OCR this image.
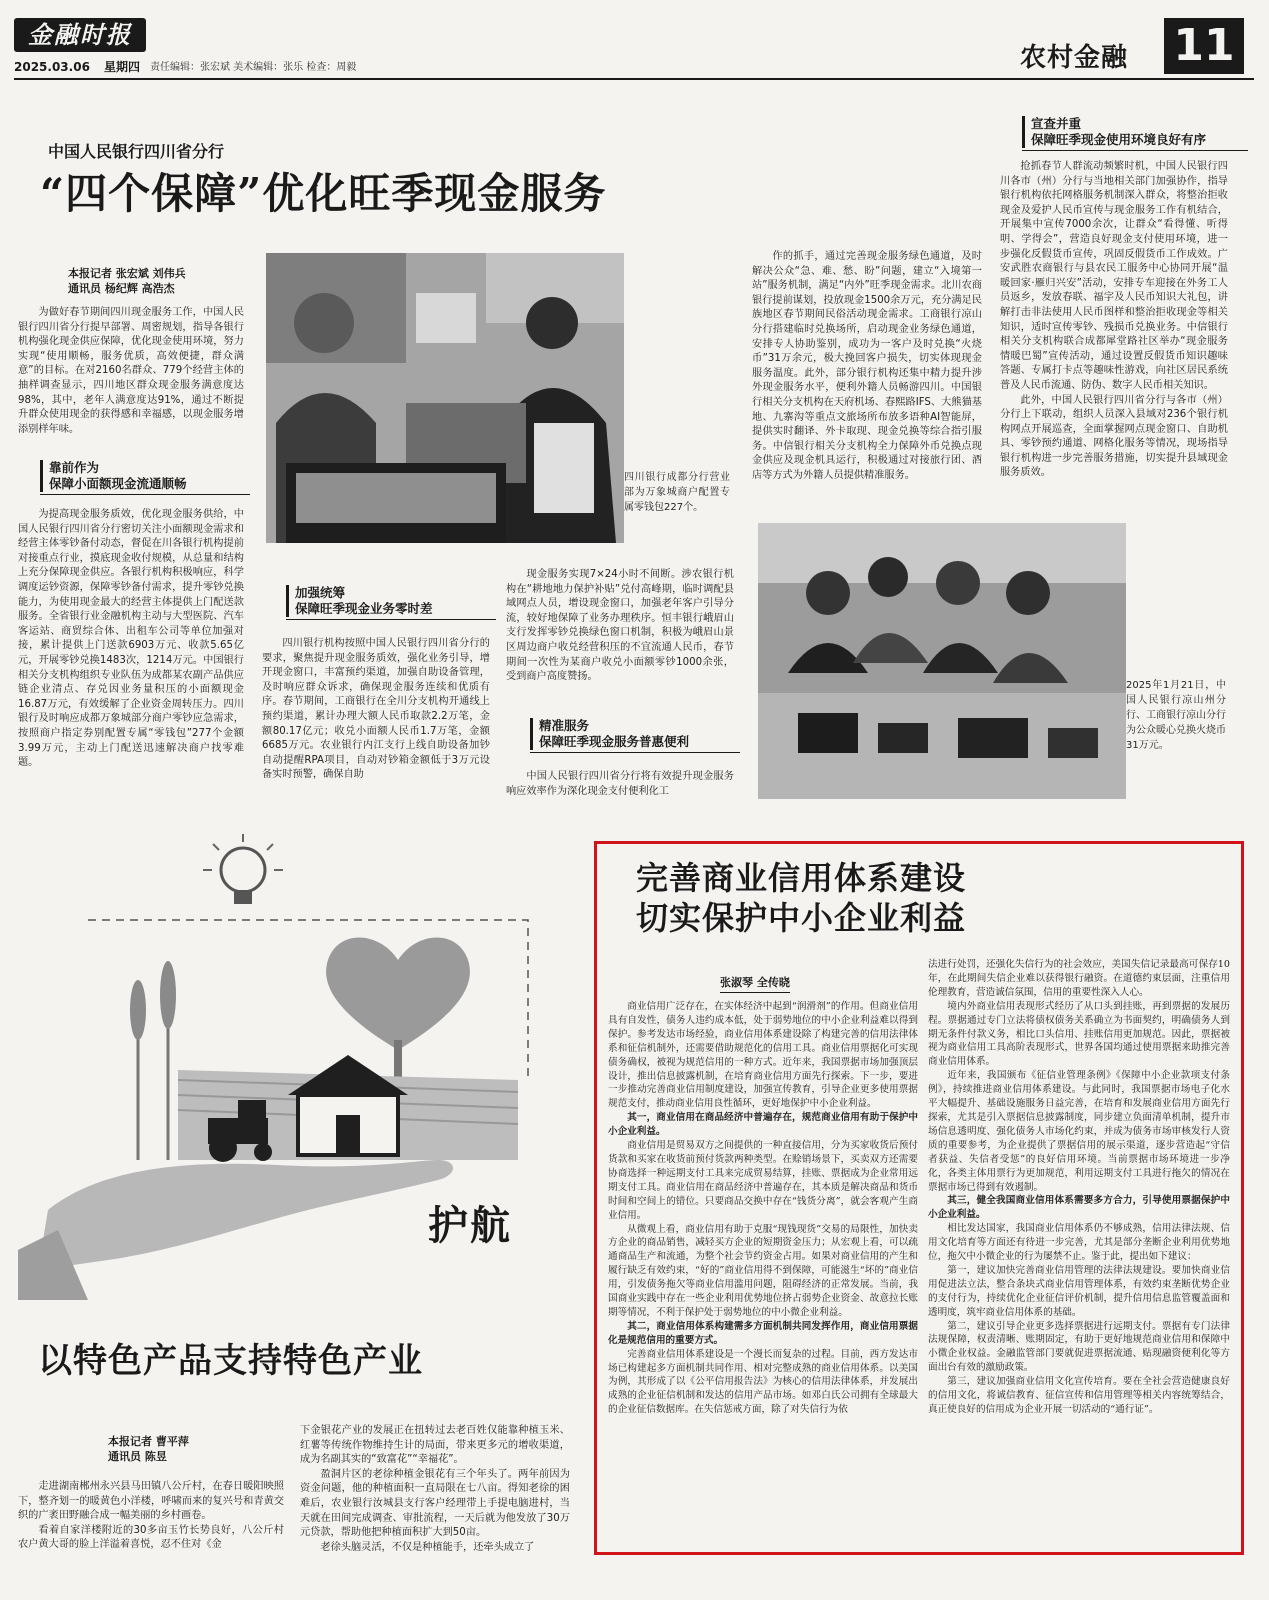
金融时报
2025.03.06 星期四 责任编辑：张宏斌 美术编辑：张乐 检查：周毅	农村金融 11
中国人民银行四川省分行
“四个保障”优化旺季现金服务
本报记者 张宏斌 刘伟兵
通讯员 杨纪辉 高浩杰

为做好春节期间四川现金服务工作，中国人民银行四川省分行提早部署、周密规划，指导各银行机构强化现金供应保障，优化现金使用环境，努力实现“使用顺畅，服务优质，高效便捷，群众满意”的目标。在对2160名群众、779个经营主体的抽样调查显示，四川地区群众现金服务满意度达98%，其中，老年人满意度达91%，通过不断提升群众使用现金的获得感和幸福感，以现金服务增添别样年味。

靠前作为
保障小面额现金流通顺畅

为提高现金服务质效，优化现金服务供给，中国人民银行四川省分行密切关注小面额现金需求和经营主体零钞备付动态，督促在川各银行机构提前对接重点行业，摸底现金收付规模，从总量和结构上充分保障现金供应。各银行机构积极响应，科学调度运钞资源，保障零钞备付需求，提升零钞兑换能力，为使用现金最大的经营主体提供上门配送款服务。全省银行业金融机构主动与大型医院、汽车客运站、商贸综合体、出租车公司等单位加强对接，累计提供上门送款6903万元、收款5.65亿元，开展零钞兑换1483次，1214万元。中国银行相关分支机构组织专业队伍为成都某农副产品供应链企业清点、存兑因业务量积压的小面额现金16.87万元，有效缓解了企业资金周转压力。四川银行及时响应成都万象城部分商户零钞应急需求，按照商户指定券别配置专属“零钱包”277个金额3.99万元，主动上门配送迅速解决商户找零难题。

四川银行成都分行营业部为万象城商户配置专属零钱包227个。
加强统筹
保障旺季现金业务零时差

四川银行机构按照中国人民银行四川省分行的要求，聚焦提升现金服务质效，强化业务引导，增开现金窗口，丰富预约渠道，加强自助设备管理，及时响应群众诉求，确保现金服务连续和优质有序。春节期间，工商银行在全川分支机构开通线上预约渠道，累计办理大额人民币取款2.2万笔，金额80.17亿元；收兑小面额人民币1.7万笔，金额6685万元。农业银行内江支行上线自助设备加钞自动提醒RPA项目，自动对钞箱金额低于3万元设备实时预警，确保自助

现金服务实现7×24小时不间断。涉农银行机构在“耕地地力保护补贴”兑付高峰期，临时调配县域网点人员，增设现金窗口，加强老年客户引导分流，较好地保障了业务办理秩序。恒丰银行峨眉山支行发挥零钞兑换绿色窗口机制，积极为峨眉山景区周边商户收兑经营积压的不宜流通人民币，春节期间一次性为某商户收兑小面额零钞1000余张，受到商户高度赞扬。

精准服务
保障旺季现金服务普惠便利

中国人民银行四川省分行将有效提升现金服务响应效率作为深化现金支付便利化工

作的抓手，通过完善现金服务绿色通道，及时解决公众“急、难、愁、盼”问题，建立“入境第一站”服务机制，满足“内外”旺季现金需求。北川农商银行提前谋划，投放现金1500余万元，充分满足民族地区春节期间民俗活动现金需求。工商银行凉山分行搭建临时兑换场所，启动现金业务绿色通道，安排专人协助鉴别，成功为一客户及时兑换“火烧币”31万余元，极大挽回客户损失，切实体现现金服务温度。此外，部分银行机构还集中精力提升涉外现金服务水平，便利外籍人员畅游四川。中国银行相关分支机构在天府机场、春熙路IFS、大熊猫基地、九寨沟等重点文旅场所布放多语种AI智能屏，提供实时翻译、外卡取现、现金兑换等综合指引服务。中信银行相关分支机构全力保障外币兑换点现金供应及现金机具运行，积极通过对接旅行团、酒店等方式为外籍人员提供精准服务。

宣查并重
保障旺季现金使用环境良好有序

抢抓春节人群流动频繁时机，中国人民银行四川各市（州）分行与当地相关部门加强协作，指导银行机构依托网格服务机制深入群众，将整治拒收现金及爱护人民币宣传与现金服务工作有机结合，开展集中宣传7000余次，让群众“看得懂、听得明、学得会”，营造良好现金支付使用环境，进一步强化反假货币宣传，巩固反假货币工作成效。广安武胜农商银行与县农民工服务中心协同开展“温暖回家·雁归兴安”活动，安排专车迎接在外务工人员返乡，发放春联、福字及人民币知识大礼包，讲解打击非法使用人民币图样和整治拒收现金等相关知识，适时宣传零钞、残损币兑换业务。中信银行相关分支机构联合成都犀堂路社区举办“现金服务 情暖巴蜀”宣传活动，通过设置反假货币知识趣味答题、专属打卡点等趣味性游戏，向社区居民系统普及人民币流通、防伪、数字人民币相关知识。

此外，中国人民银行四川省分行与各市（州）分行上下联动，组织人员深入县域对236个银行机构网点开展巡查，全面掌握网点现金窗口、自助机具、零钞预约通道、网格化服务等情况，现场指导银行机构进一步完善服务措施，切实提升县域现金服务质效。

2025年1月21日，中国人民银行凉山州分行、工商银行凉山分行为公众暖心兑换火烧币31万元。
护航
以特色产品支持特色产业
本报记者 曹平萍
通讯员 陈昱

走进湖南郴州永兴县马田镇八公斤村，在春日暖阳映照下，整齐划一的暖黄色小洋楼，呼啸而来的复兴号和青黄交织的广袤田野融合成一幅美丽的乡村画卷。

看着自家洋楼附近的30多亩玉竹长势良好，八公斤村农户黄大哥的脸上洋溢着喜悦，忍不住对《金

下金银花产业的发展正在扭转过去老百姓仅能靠种植玉米、红薯等传统作物维持生计的局面，带来更多元的增收渠道，成为名副其实的“致富花”“幸福花”。

盈洞片区的老徐种植金银花有三个年头了。两年前因为资金问题，他的种植面积一直局限在七八亩。得知老徐的困难后，农业银行汝城县支行客户经理带上手提电脑进村，当天就在田间完成调查、审批流程，一天后就为他发放了30万元贷款，帮助他把种植面积扩大到50亩。

老徐头脑灵活，不仅是种植能手，还牵头成立了

完善商业信用体系建设
切实保护中小企业利益
张淑琴 全传晓

商业信用广泛存在，在实体经济中起到“润滑剂”的作用。但商业信用具有自发性，债务人违约成本低，处于弱势地位的中小企业利益难以得到保护。参考发达市场经验，商业信用体系建设除了构建完善的信用法律体系和征信机制外，还需要借助规范化的信用工具。商业信用票据化可实现债务确权，被视为规范信用的一种方式。近年来，我国票据市场加强顶层设计，推出信息披露机制，在培育商业信用方面先行探索。下一步，要进一步推动完善商业信用制度建设，加强宣传教育，引导企业更多使用票据规范支付，推动商业信用良性循环，更好地保护中小企业利益。

其一，商业信用在商品经济中普遍存在，规范商业信用有助于保护中小企业利益。

商业信用是贸易双方之间提供的一种直接信用，分为买家收货后预付货款和买家在收货前预付货款两种类型。在赊销场景下，买卖双方还需要协商选择一种远期支付工具来完成贸易结算，挂账、票据成为企业常用远期支付工具。商业信用在商品经济中普遍存在，其本质是解决商品和货币时间和空间上的错位。只要商品交换中存在“钱货分离”，就会客观产生商业信用。

从微观上看，商业信用有助于克服“现钱现货”交易的局限性，加快卖方企业的商品销售，减轻买方企业的短期资金压力；从宏观上看，可以疏通商品生产和流通，为整个社会节约资金占用。如果对商业信用的产生和履行缺乏有效约束，“好的”商业信用得不到保障，可能滋生“坏的”商业信用，引发债务拖欠等商业信用滥用问题，阻碍经济的正常发展。当前，我国商业实践中存在一些企业利用优势地位挤占弱势企业资金、故意拉长账期等情况，不利于保护处于弱势地位的中小微企业利益。

其二，商业信用体系构建需多方面机制共同发挥作用，商业信用票据化是规范信用的重要方式。

完善商业信用体系建设是一个漫长而复杂的过程。目前，西方发达市场已构建起多方面机制共同作用、相对完整成熟的商业信用体系。以美国为例，其形成了以《公平信用报告法》为核心的信用法律体系，并发展出成熟的企业征信机制和发达的信用产品市场。如邓白氏公司拥有全球最大的企业征信数据库。在失信惩戒方面，除了对失信行为依

法进行处罚，还强化失信行为的社会效应，美国失信记录最高可保存10年，在此期间失信企业难以获得银行融资。在道德约束层面，注重信用伦理教育，营造诚信氛围，信用的重要性深入人心。

境内外商业信用表现形式经历了从口头到挂账，再到票据的发展历程。票据通过专门立法将债权债务关系确立为书面契约，明确债务人到期无条件付款义务，相比口头信用、挂账信用更加规范。因此，票据被视为商业信用工具高阶表现形式，世界各国均通过使用票据来助推完善商业信用体系。

近年来，我国颁布《征信业管理条例》《保障中小企业款项支付条例》，持续推进商业信用体系建设。与此同时，我国票据市场电子化水平大幅提升、基础设施服务日益完善，在培育和发展商业信用方面先行探索，尤其是引入票据信息披露制度，同步建立负面清单机制，提升市场信息透明度、强化债务人市场化约束，并成为债务市场审核发行人资质的重要参考，为企业提供了票据信用的展示渠道，逐步营造起“守信者获益、失信者受惩”的良好信用环境。当前票据市场环境进一步净化，各类主体用票行为更加规范，利用远期支付工具进行拖欠的情况在票据市场已得到有效遏制。

其三，健全我国商业信用体系需要多方合力，引导使用票据保护中小企业利益。

相比发达国家，我国商业信用体系仍不够成熟，信用法律法规、信用文化培育等方面还有待进一步完善，尤其是部分垄断企业利用优势地位，拖欠中小微企业的行为屡禁不止。鉴于此，提出如下建议：

第一，建议加快完善商业信用管理的法律法规建设。要加快商业信用促进法立法，整合条块式商业信用管理体系，有效约束垄断优势企业的支付行为，持续优化企业征信评价机制，提升信用信息监管覆盖面和透明度，筑牢商业信用体系的基础。

第二，建议引导企业更多选择票据进行远期支付。票据有专门法律法规保障，权责清晰、账期固定，有助于更好地规范商业信用和保障中小微企业权益。金融监管部门要就促进票据流通、贴现融资便利化等方面出台有效的激励政策。

第三，建议加强商业信用文化宣传培育。要在全社会营造健康良好的信用文化，将诚信教育、征信宣传和信用管理等相关内容统筹结合，真正使良好的信用成为企业开展一切活动的“通行证”。
